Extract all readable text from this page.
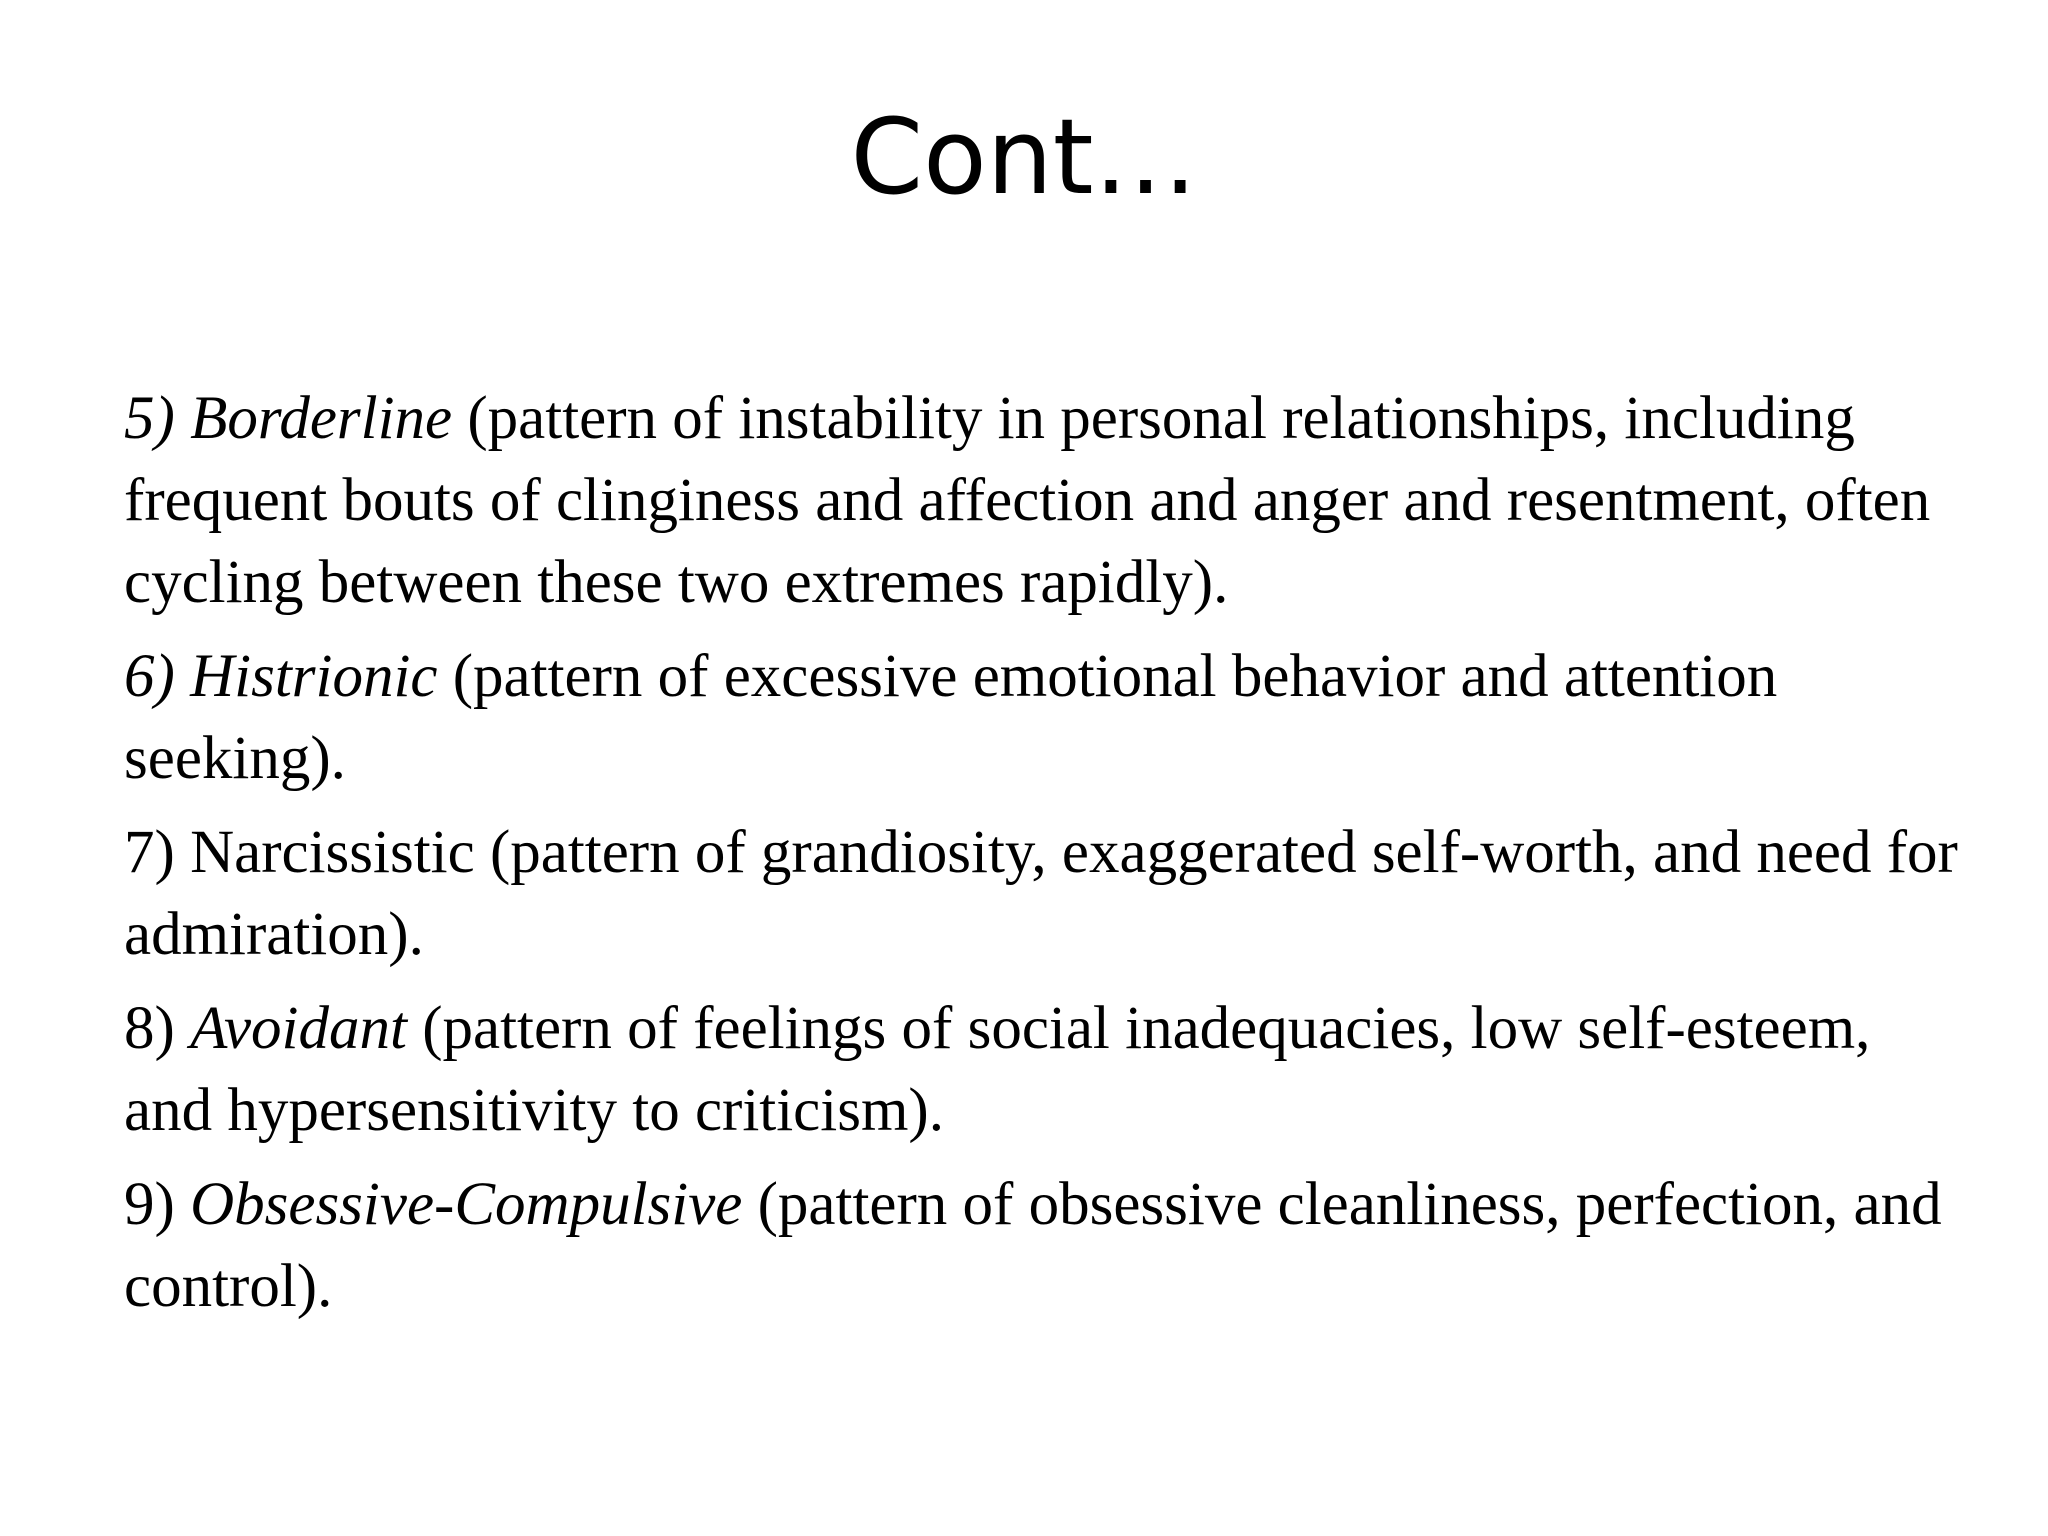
Cont…

5) Borderline (pattern of instability in personal relationships, including frequent bouts of clinginess and affection and anger and resentment, often cycling between these two extremes rapidly).

6) Histrionic (pattern of excessive emotional behavior and attention seeking).

7) Narcissistic (pattern of grandiosity, exaggerated self-worth, and need for admiration).

8) Avoidant (pattern of feelings of social inadequacies, low self-esteem, and hypersensitivity to criticism).

9) Obsessive-Compulsive (pattern of obsessive cleanliness, perfection, and control).
